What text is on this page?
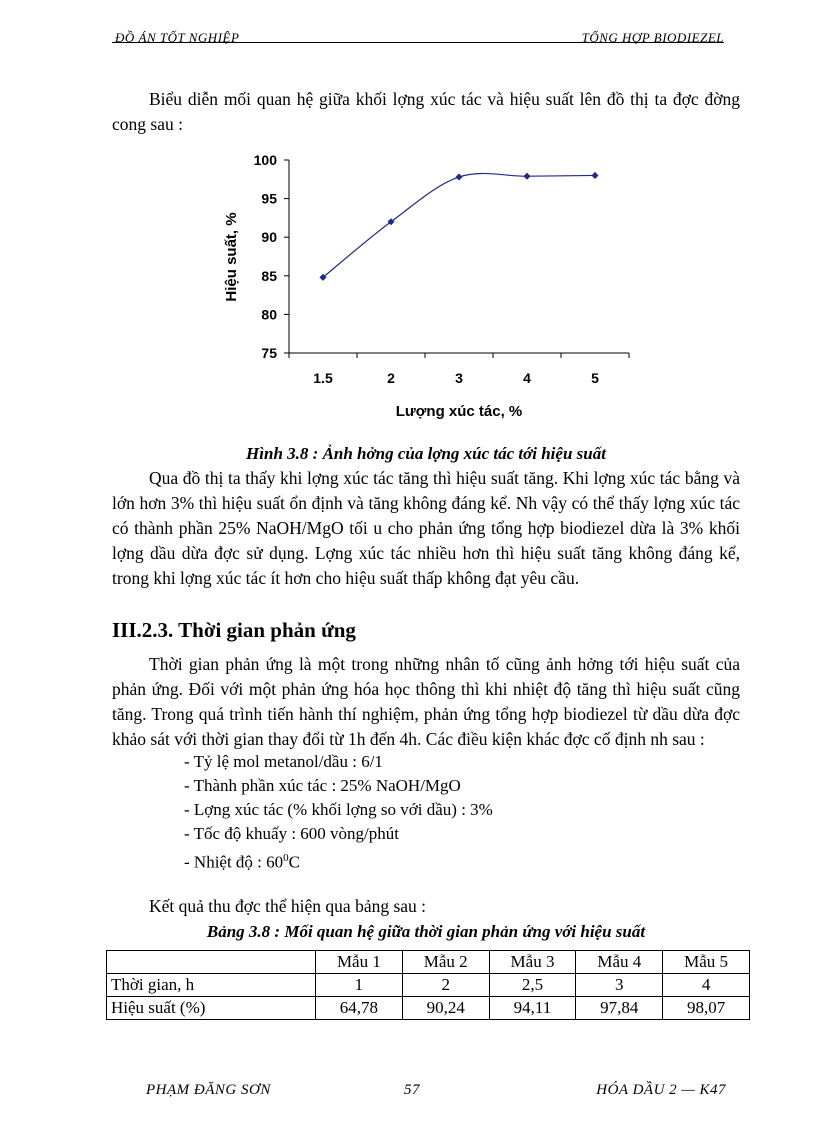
ĐỒ ÁN TỐT NGHIỆP	TỔNG HỢP BIODIEZEL

Biểu diễn mối quan hệ giữa khối lợng xúc tác và hiệu suất lên đồ thị ta đợc đờng cong sau :

75
80
85
90
95
100
1.5	2	3	4	5
Hiệu suất, %
Lượng xúc tác, %
Hình 3.8 : Ảnh hởng của lợng xúc tác tới hiệu suất

Qua đồ thị ta thấy khi lợng xúc tác tăng thì hiệu suất tăng. Khi lợng xúc tác bằng và lớn hơn 3% thì hiệu suất ổn định và tăng không đáng kể. Nh vậy có thể thấy lợng xúc tác có thành phần 25% NaOH/MgO tối u cho phản ứng tổng hợp biodiezel dừa là 3% khối lợng dầu dừa đợc sử dụng. Lợng xúc tác nhiều hơn thì hiệu suất tăng không đáng kể, trong khi lợng xúc tác ít hơn cho hiệu suất thấp không đạt yêu cầu.

III.2.3. Thời gian phản ứng

Thời gian phản ứng là một trong những nhân tố cũng ảnh hởng tới hiệu suất của phản ứng. Đối với một phản ứng hóa học thông thì khi nhiệt độ tăng thì hiệu suất cũng tăng. Trong quá trình tiến hành thí nghiệm, phản ứng tổng hợp biodiezel từ dầu dừa đợc khảo sát với thời gian thay đổi từ 1h đến 4h. Các điều kiện khác đợc cố định nh sau :

- Tỷ lệ mol metanol/dầu : 6/1
- Thành phần xúc tác : 25% NaOH/MgO
- Lợng xúc tác (% khối lợng so với dầu) : 3%
- Tốc độ khuấy : 600 vòng/phút
- Nhiệt độ : $60^0C$

Kết quả thu đợc thể hiện qua bảng sau :

Bảng 3.8 : Mối quan hệ giữa thời gian phản ứng với hiệu suất
	Mẫu 1	Mẫu 2	Mẫu 3	Mẫu 4	Mẫu 5
Thời gian, h	1	2	2,5	3	4
Hiệu suất (%)	64,78	90,24	94,11	97,84	98,07
PHẠM ĐĂNG SƠN	57	HÓA DẦU 2 — K47
